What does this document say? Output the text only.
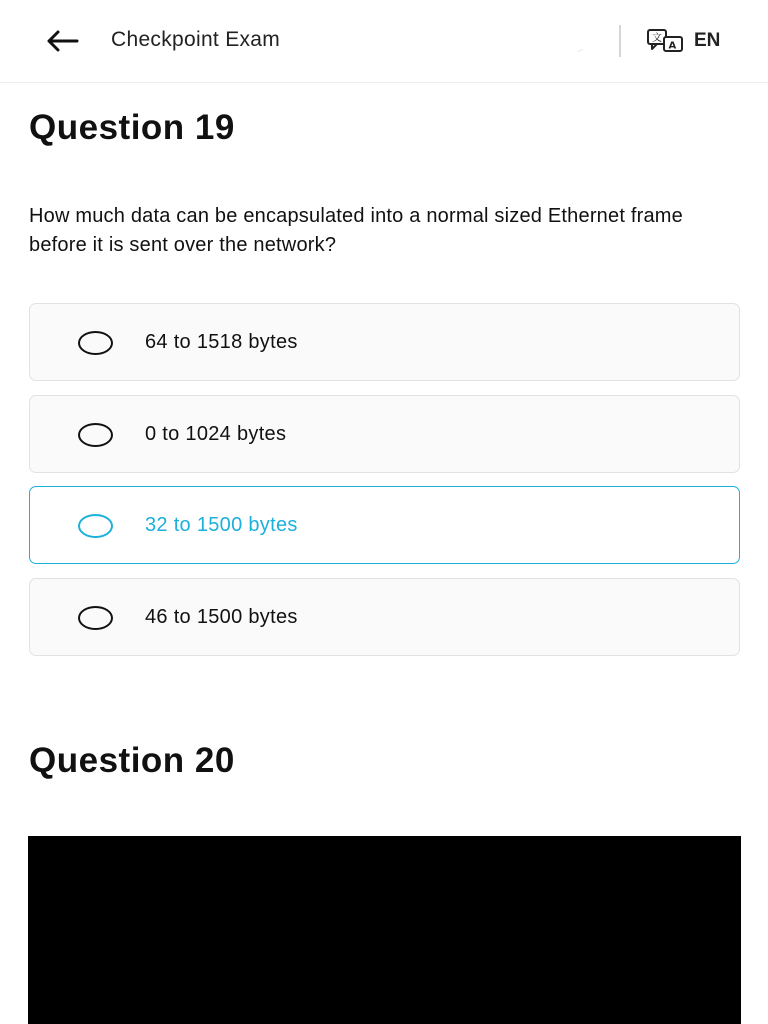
Checkpoint Exam	文
A EN
Question 19
How much data can be encapsulated into a normal sized Ethernet frame before it is sent over the network?
64 to 1518 bytes
0 to 1024 bytes
32 to 1500 bytes
46 to 1500 bytes
Question 20
